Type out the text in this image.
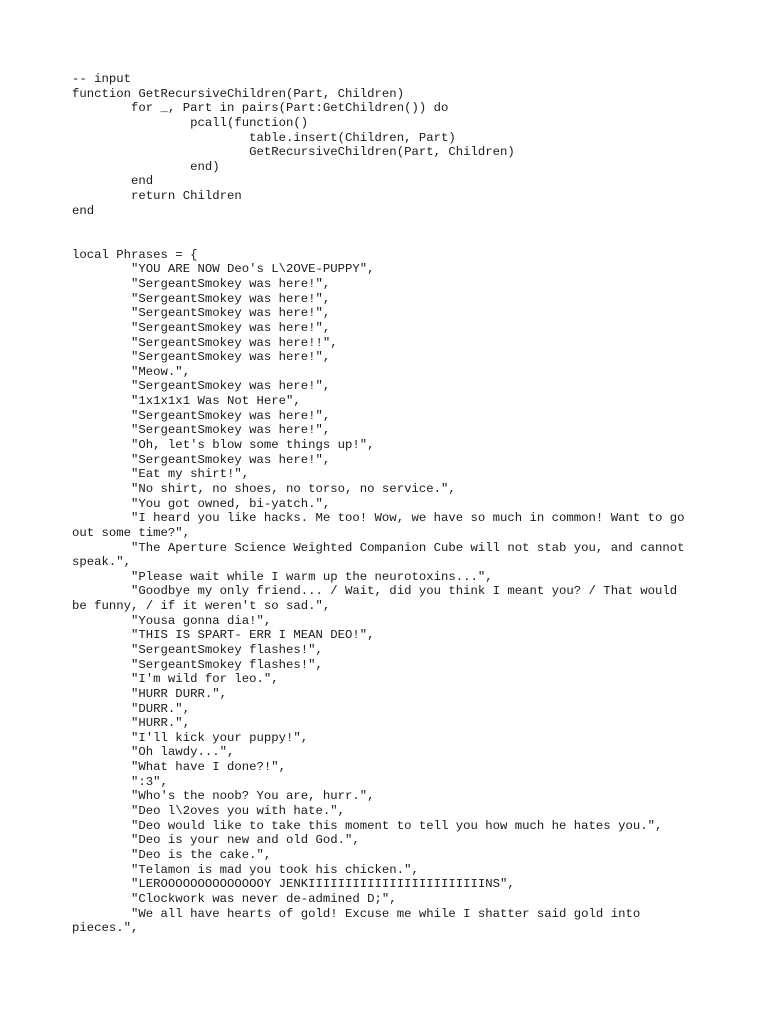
-- input
function GetRecursiveChildren(Part, Children)
for _, Part in pairs(Part:GetChildren()) do
pcall(function()
table.insert(Children, Part)
GetRecursiveChildren(Part, Children)
end)
end
return Children
end
local Phrases = {
"YOU ARE NOW Deo's L\2OVE-PUPPY",
"SergeantSmokey was here!",
"SergeantSmokey was here!",
"SergeantSmokey was here!",
"SergeantSmokey was here!",
"SergeantSmokey was here!!",
"SergeantSmokey was here!",
"Meow.",
"SergeantSmokey was here!",
"1x1x1x1 Was Not Here",
"SergeantSmokey was here!",
"SergeantSmokey was here!",
"Oh, let's blow some things up!",
"SergeantSmokey was here!",
"Eat my shirt!",
"No shirt, no shoes, no torso, no service.",
"You got owned, bi-yatch.",
"I heard you like hacks. Me too! Wow, we have so much in common! Want to go
out some time?",
"The Aperture Science Weighted Companion Cube will not stab you, and cannot
speak.",
"Please wait while I warm up the neurotoxins...",
"Goodbye my only friend... / Wait, did you think I meant you? / That would
be funny, / if it weren't so sad.",
"Yousa gonna dia!",
"THIS IS SPART- ERR I MEAN DEO!",
"SergeantSmokey flashes!",
"SergeantSmokey flashes!",
"I'm wild for leo.",
"HURR DURR.",
"DURR.",
"HURR.",
"I'll kick your puppy!",
"Oh lawdy...",
"What have I done?!",
":3",
"Who's the noob? You are, hurr.",
"Deo l\2oves you with hate.",
"Deo would like to take this moment to tell you how much he hates you.",
"Deo is your new and old God.",
"Deo is the cake.",
"Telamon is mad you took his chicken.",
"LEROOOOOOOOOOOOOOY JENKIIIIIIIIIIIIIIIIIIIIIIIINS",
"Clockwork was never de-admined D;",
"We all have hearts of gold! Excuse me while I shatter said gold into
pieces.",
